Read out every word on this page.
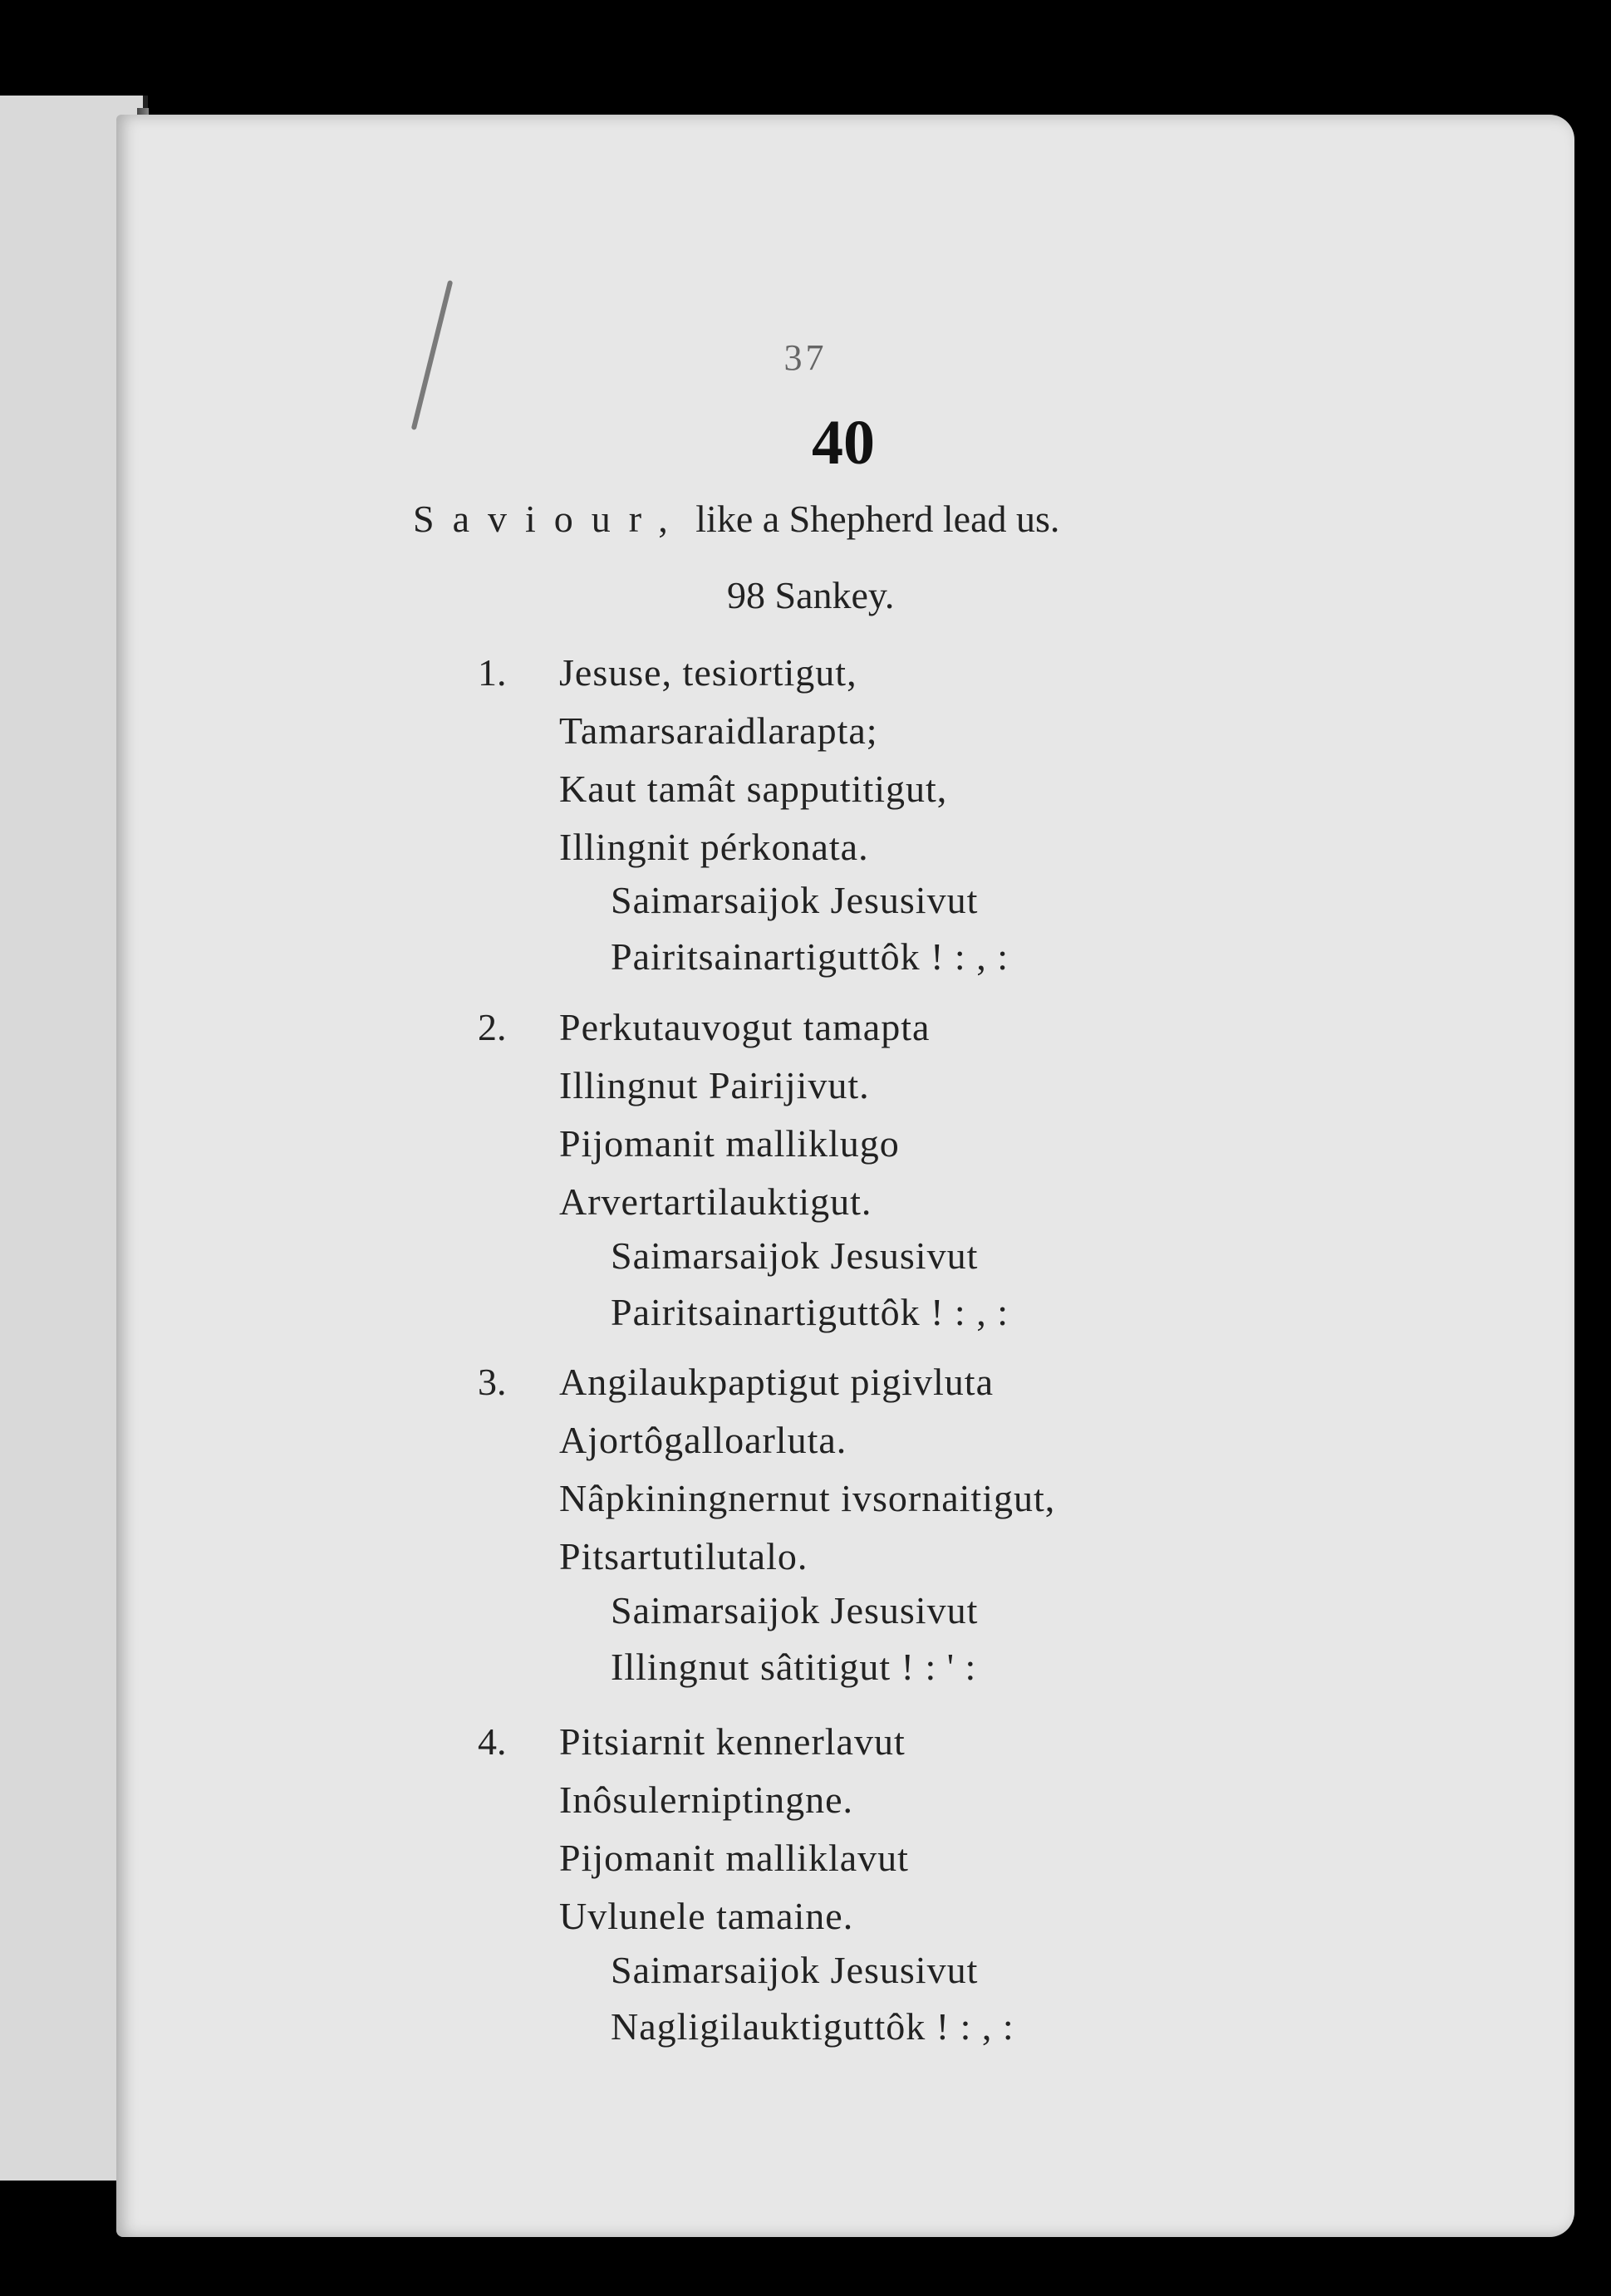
37
40
Saviour, like a Shepherd lead us.
98 Sankey.
1. Jesuse, tesiortigut,
Tamarsaraidlarapta;
Kaut tamât sapputitigut,
Illingnit pérkonata.
Saimarsaijok Jesusivut
Pairitsainartiguttôk ! : , :
2. Perkutauvogut tamapta
Illingnut Pairijivut.
Pijomanit malliklugo
Arvertartilauktigut.
Saimarsaijok Jesusivut
Pairitsainartiguttôk ! : , :
3. Angilaukpaptigut pigivluta
Ajortôgalloarluta.
Nâpkiningnernut ivsornaitigut,
Pitsartutilutalo.
Saimarsaijok Jesusivut
Illingnut sâtitigut ! : ' :
4. Pitsiarnit kennerlavut
Inôsulerniptingne.
Pijomanit malliklavut
Uvlunele tamaine.
Saimarsaijok Jesusivut
Nagligilauktiguttôk ! : , :
